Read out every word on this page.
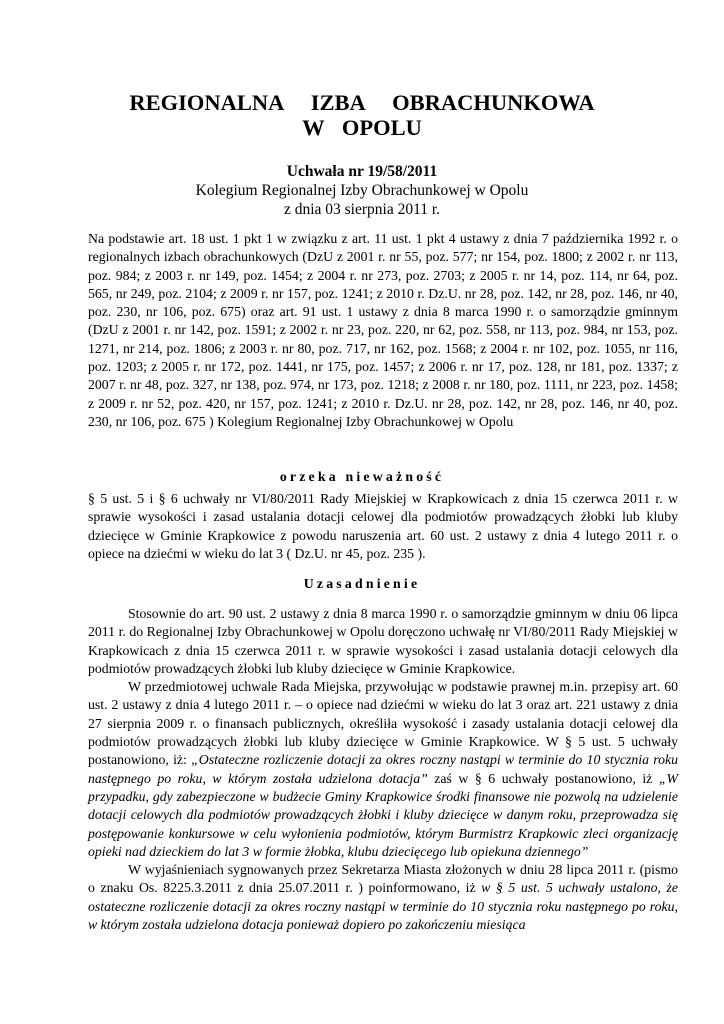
REGIONALNA IZBA OBRACHUNKOWA
W OPOLU
Uchwała nr 19/58/2011
Kolegium Regionalnej Izby Obrachunkowej w Opolu
z dnia 03 sierpnia 2011 r.

Na podstawie art. 18 ust. 1 pkt 1 w związku z art. 11 ust. 1 pkt 4 ustawy z dnia 7 października 1992 r. o regionalnych izbach obrachunkowych (DzU z 2001 r. nr 55, poz. 577; nr 154, poz. 1800; z 2002 r. nr 113, poz. 984; z 2003 r. nr 149, poz. 1454; z 2004 r. nr 273, poz. 2703; z 2005 r. nr 14, poz. 114, nr 64, poz. 565, nr 249, poz. 2104; z 2009 r. nr 157, poz. 1241; z 2010 r. Dz.U. nr 28, poz. 142, nr 28, poz. 146, nr 40, poz. 230, nr 106, poz. 675) oraz art. 91 ust. 1 ustawy z dnia 8 marca 1990 r. o samorządzie gminnym (DzU z 2001 r. nr 142, poz. 1591; z 2002 r. nr 23, poz. 220, nr 62, poz. 558, nr 113, poz. 984, nr 153, poz. 1271, nr 214, poz. 1806; z 2003 r. nr 80, poz. 717, nr 162, poz. 1568; z 2004 r. nr 102, poz. 1055, nr 116, poz. 1203; z 2005 r. nr 172, poz. 1441, nr 175, poz. 1457; z 2006 r. nr 17, poz. 128, nr 181, poz. 1337; z 2007 r. nr 48, poz. 327, nr 138, poz. 974, nr 173, poz. 1218; z 2008 r. nr 180, poz. 1111, nr 223, poz. 1458; z 2009 r. nr 52, poz. 420, nr 157, poz. 1241; z 2010 r. Dz.U. nr 28, poz. 142, nr 28, poz. 146, nr 40, poz. 230, nr 106, poz. 675 ) Kolegium Regionalnej Izby Obrachunkowej w Opolu

orzeka nieważność

§ 5 ust. 5 i § 6 uchwały nr VI/80/2011 Rady Miejskiej w Krapkowicach z dnia 15 czerwca 2011 r. w sprawie wysokości i zasad ustalania dotacji celowej dla podmiotów prowadzących żłobki lub kluby dziecięce w Gminie Krapkowice z powodu naruszenia art. 60 ust. 2 ustawy z dnia 4 lutego 2011 r. o opiece na dziećmi w wieku do lat 3 ( Dz.U. nr 45, poz. 235 ).

Uzasadnienie

Stosownie do art. 90 ust. 2 ustawy z dnia 8 marca 1990 r. o samorządzie gminnym w dniu 06 lipca 2011 r. do Regionalnej Izby Obrachunkowej w Opolu doręczono uchwałę nr VI/80/2011 Rady Miejskiej w Krapkowicach z dnia 15 czerwca 2011 r. w sprawie wysokości i zasad ustalania dotacji celowych dla podmiotów prowadzących żłobki lub kluby dziecięce w Gminie Krapkowice.

W przedmiotowej uchwale Rada Miejska, przywołując w podstawie prawnej m.in. przepisy art. 60 ust. 2 ustawy z dnia 4 lutego 2011 r. – o opiece nad dziećmi w wieku do lat 3 oraz art. 221 ustawy z dnia 27 sierpnia 2009 r. o finansach publicznych, określiła wysokość i zasady ustalania dotacji celowej dla podmiotów prowadzących żłobki lub kluby dziecięce w Gminie Krapkowice. W § 5 ust. 5 uchwały postanowiono, iż: „Ostateczne rozliczenie dotacji za okres roczny nastąpi w terminie do 10 stycznia roku następnego po roku, w którym została udzielona dotacja” zaś w § 6 uchwały postanowiono, iż „W przypadku, gdy zabezpieczone w budżecie Gminy Krapkowice środki finansowe nie pozwolą na udzielenie dotacji celowych dla podmiotów prowadzących żłobki i kluby dziecięce w danym roku, przeprowadza się postępowanie konkursowe w celu wyłonienia podmiotów, którym Burmistrz Krapkowic zleci organizację opieki nad dzieckiem do lat 3 w formie żłobka, klubu dziecięcego lub opiekuna dziennego”

W wyjaśnieniach sygnowanych przez Sekretarza Miasta złożonych w dniu 28 lipca 2011 r. (pismo o znaku Os. 8225.3.2011 z dnia 25.07.2011 r. ) poinformowano, iż w § 5 ust. 5 uchwały ustalono, że ostateczne rozliczenie dotacji za okres roczny nastąpi w terminie do 10 stycznia roku następnego po roku, w którym została udzielona dotacja ponieważ dopiero po zakończeniu miesiąca
